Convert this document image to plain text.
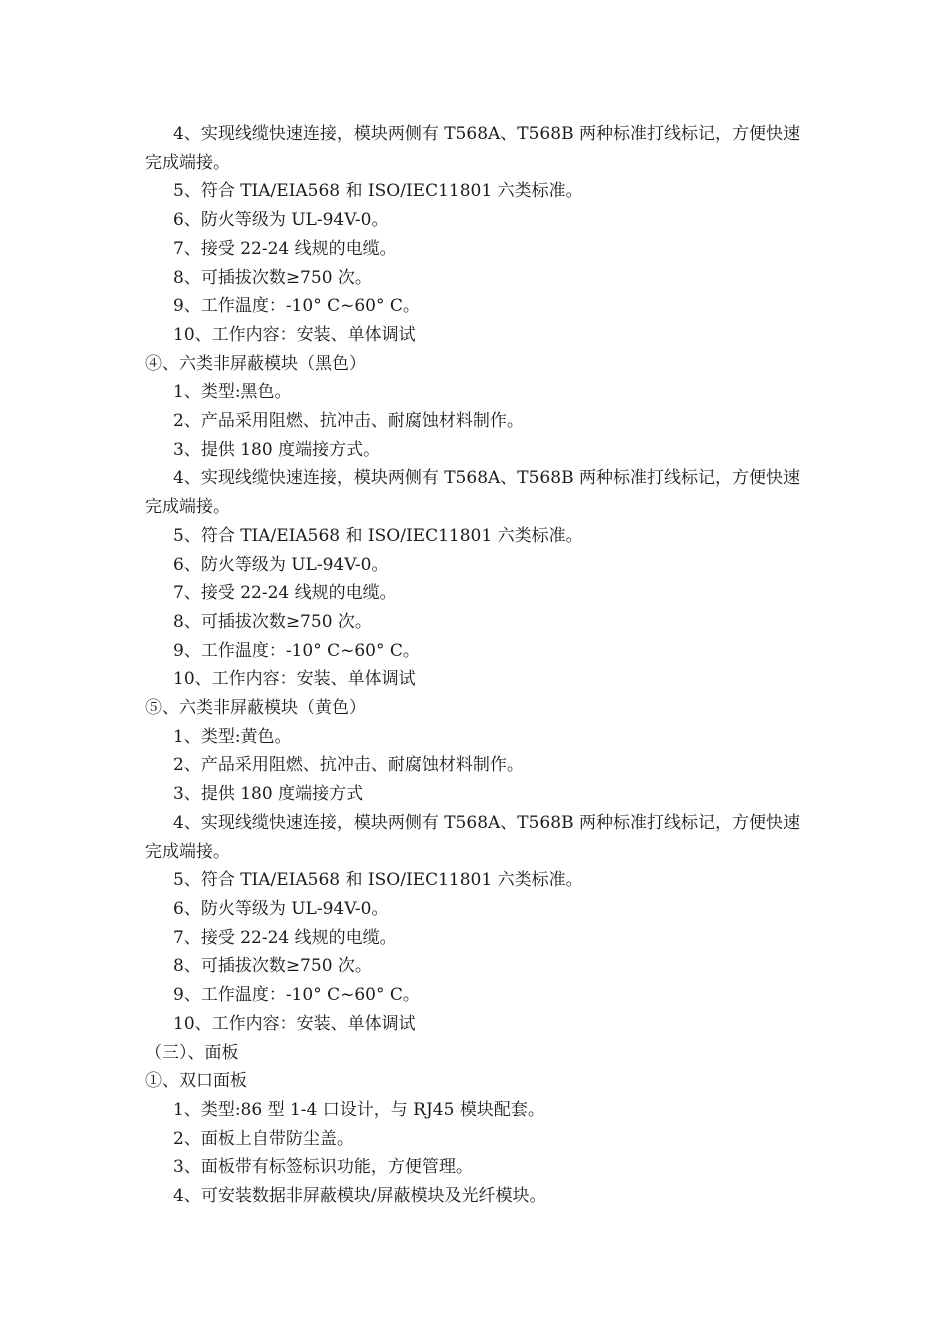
4、实现线缆快速连接，模块两侧有 T568A、T568B 两种标准打线标记，方便快速完成端接。

5、符合 TIA/EIA568 和 ISO/IEC11801 六类标准。

6、防火等级为 UL-94V-0。

7、接受 22-24 线规的电缆。

8、可插拔次数≥750 次。

9、工作温度：-10° C~60° C。

10、工作内容：安装、单体调试

④、六类非屏蔽模块（黑色）

1、类型:黑色。

2、产品采用阻燃、抗冲击、耐腐蚀材料制作。

3、提供 180 度端接方式。

4、实现线缆快速连接，模块两侧有 T568A、T568B 两种标准打线标记，方便快速完成端接。

5、符合 TIA/EIA568 和 ISO/IEC11801 六类标准。

6、防火等级为 UL-94V-0。

7、接受 22-24 线规的电缆。

8、可插拔次数≥750 次。

9、工作温度：-10° C~60° C。

10、工作内容：安装、单体调试

⑤、六类非屏蔽模块（黄色）

1、类型:黄色。

2、产品采用阻燃、抗冲击、耐腐蚀材料制作。

3、提供 180 度端接方式

4、实现线缆快速连接，模块两侧有 T568A、T568B 两种标准打线标记，方便快速完成端接。

5、符合 TIA/EIA568 和 ISO/IEC11801 六类标准。

6、防火等级为 UL-94V-0。

7、接受 22-24 线规的电缆。

8、可插拔次数≥750 次。

9、工作温度：-10° C~60° C。

10、工作内容：安装、单体调试

（三）、面板

①、双口面板

1、类型:86 型 1-4 口设计，与 RJ45 模块配套。

2、面板上自带防尘盖。

3、面板带有标签标识功能，方便管理。

4、可安装数据非屏蔽模块/屏蔽模块及光纤模块。
